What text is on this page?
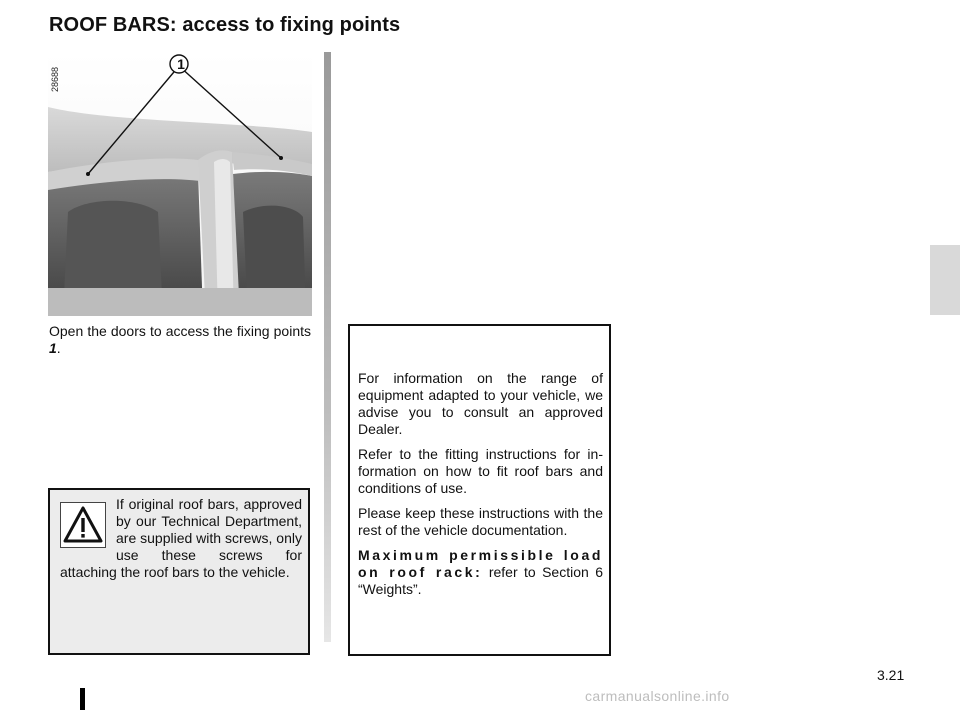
ROOF BARS: access to fixing points
1
28688

Open the doors to access the fixing points 1.

If original roof bars, approved by our Technical Department, are supplied with screws, only use these screws for attaching the roof bars to the vehicle.

For information on the range of equipment adapted to your vehicle, we advise you to consult an approved Dealer.

Refer to the fitting instructions for information on how to fit roof bars and conditions of use.

Please keep these instructions with the rest of the vehicle documentation.

Maximum permissible load on roof rack: refer to Section 6 “Weights”.

3.21
carmanualsonline.info
